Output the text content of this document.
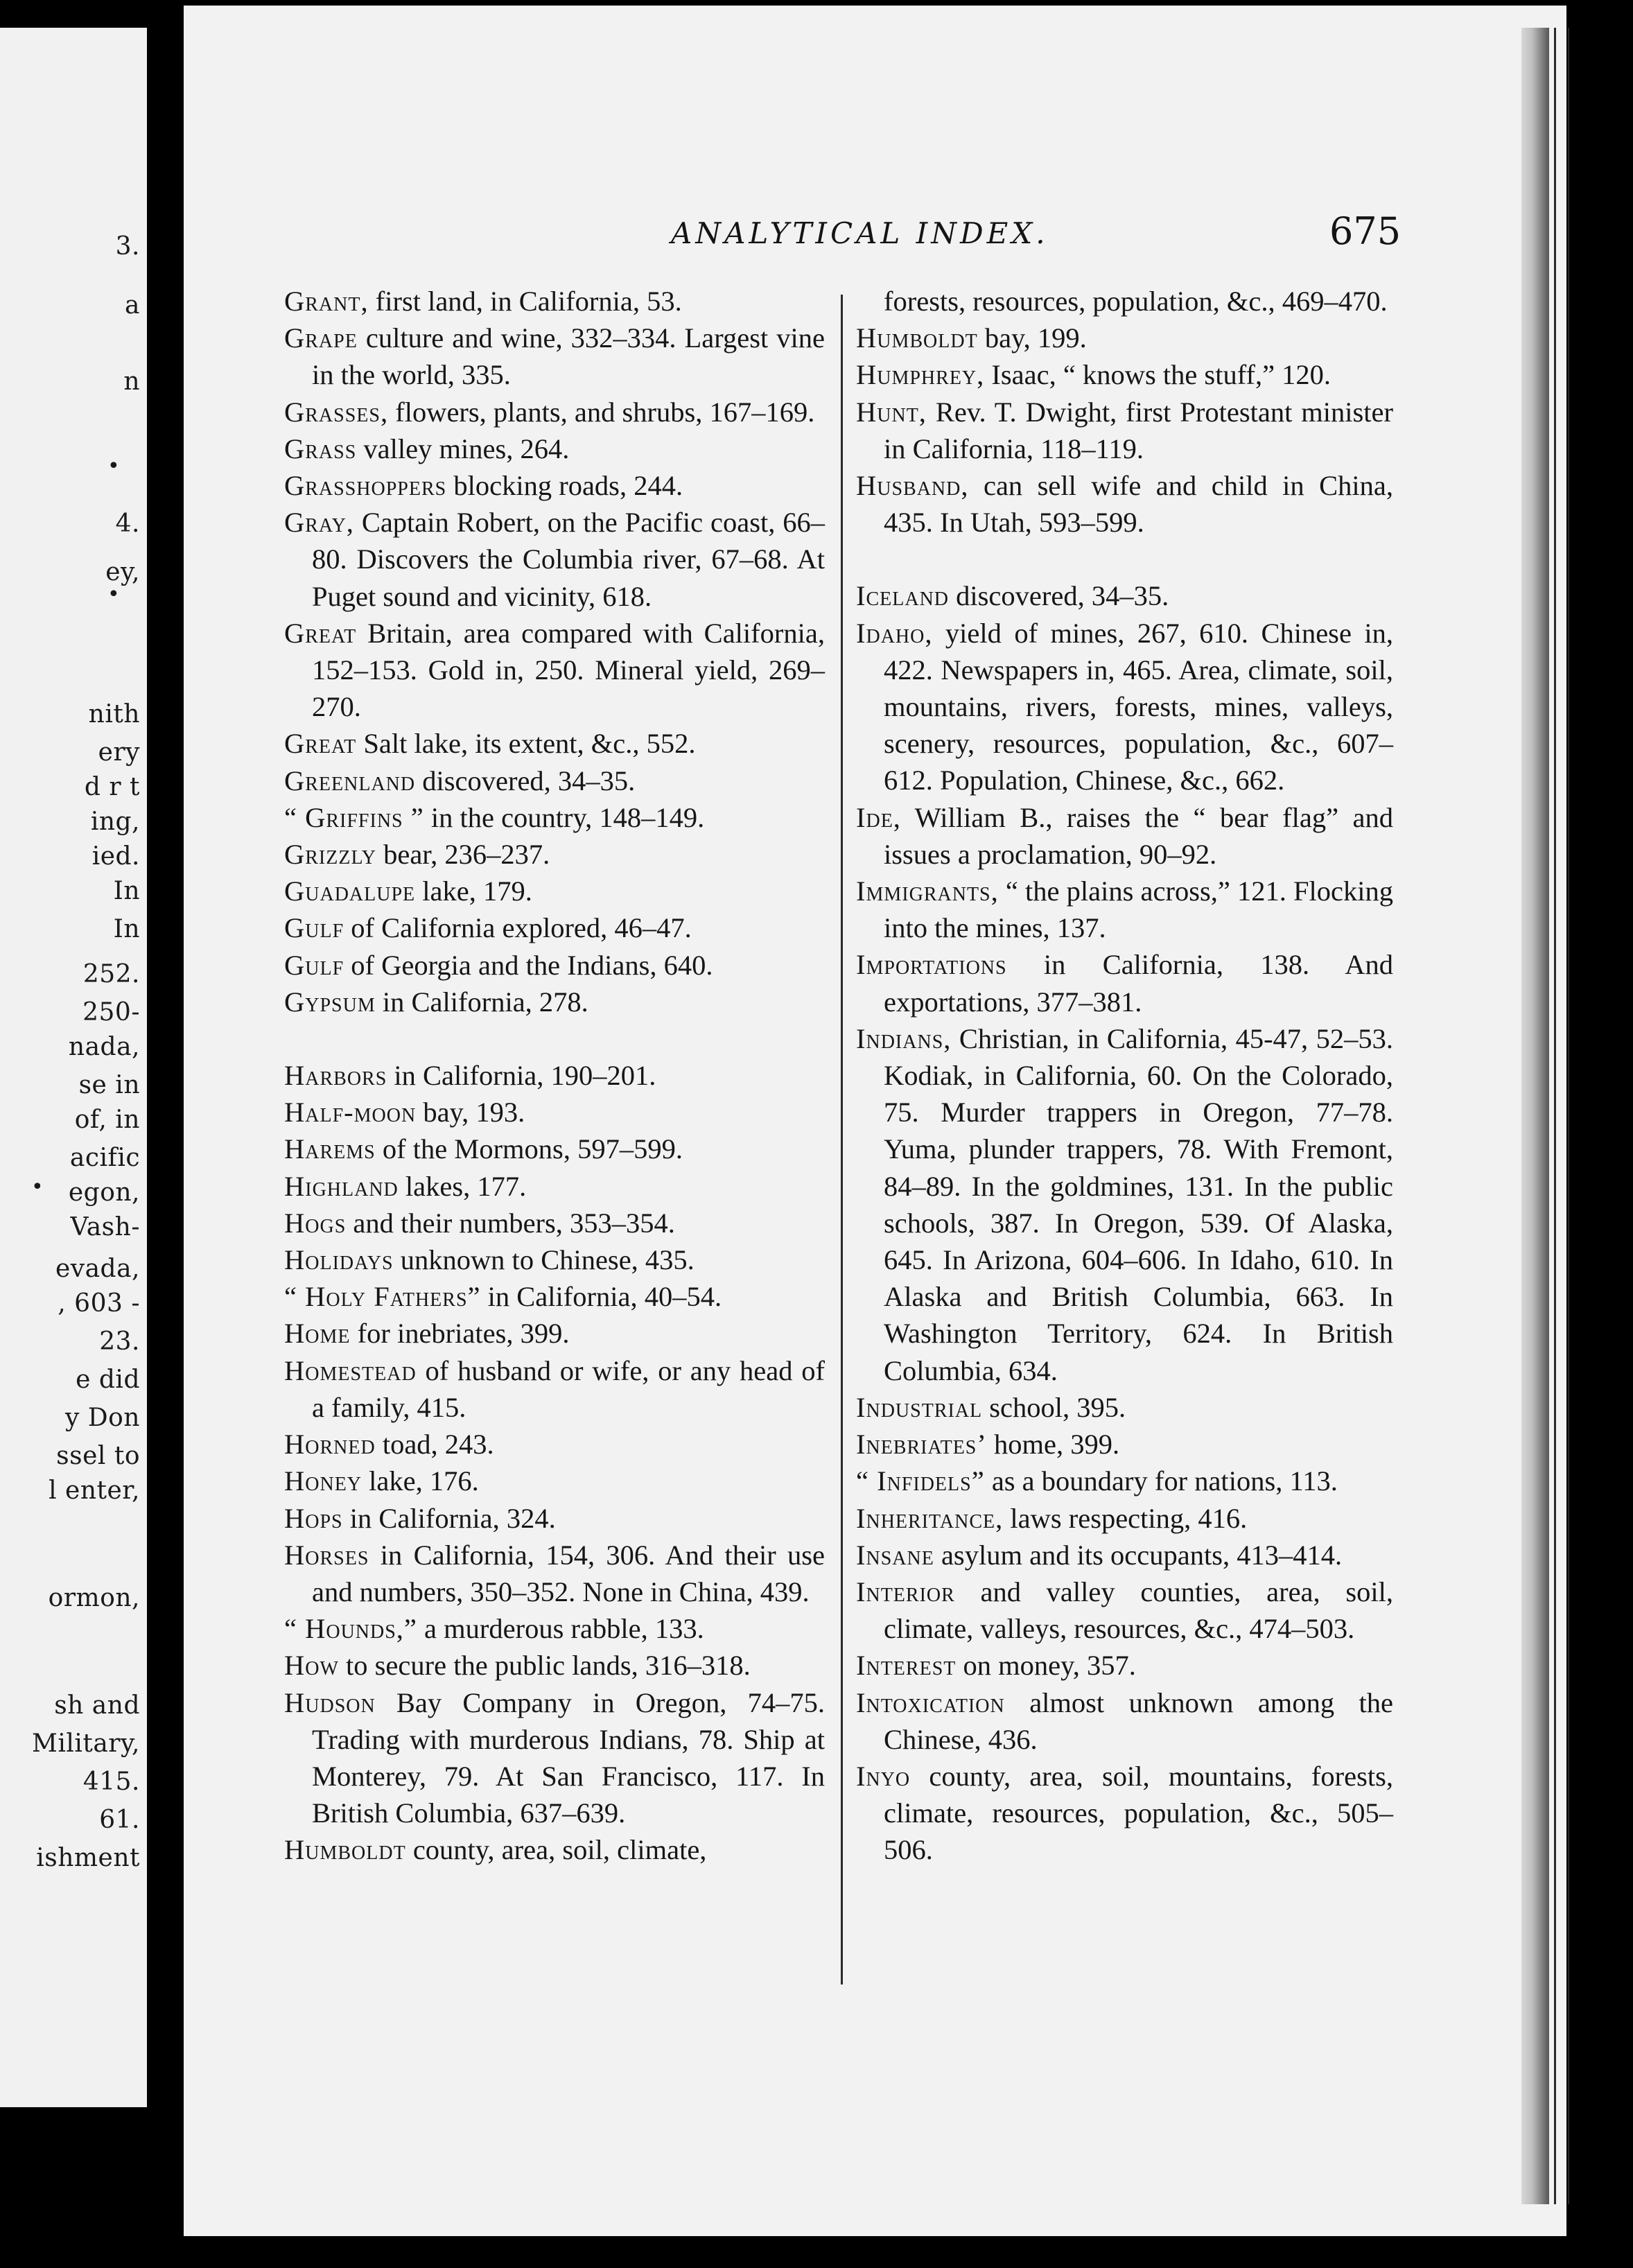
3.
a
n
4.
ey,
nith
ery
d r t
ing,
ied.
In
In
252.
250-
nada,
se in
of, in
acific
egon,
Vash-
evada,
, 603 -
23.
e did
y Don
ssel to
l enter,
ormon,
sh and
Military,
415.
61.
ishment
•
•
•
ANALYTICAL INDEX.	675

Grant, first land, in California, 53.

Grape culture and wine, 332–334. Largest vine in the world, 335.

Grasses, flowers, plants, and shrubs, 167–169.

Grass valley mines, 264.

Grasshoppers blocking roads, 244.

Gray, Captain Robert, on the Pacific coast, 66–80. Discovers the Columbia river, 67–68. At Puget sound and vicinity, 618.

Great Britain, area compared with California, 152–153. Gold in, 250. Mineral yield, 269–270.

Great Salt lake, its extent, &c., 552.

Greenland discovered, 34–35.

“ Griffins ” in the country, 148–149.

Grizzly bear, 236–237.

Guadalupe lake, 179.

Gulf of California explored, 46–47.

Gulf of Georgia and the Indians, 640.

Gypsum in California, 278.

Harbors in California, 190–201.

Half-moon bay, 193.

Harems of the Mormons, 597–599.

Highland lakes, 177.

Hogs and their numbers, 353–354.

Holidays unknown to Chinese, 435.

“ Holy Fathers” in California, 40–54.

Home for inebriates, 399.

Homestead of husband or wife, or any head of a family, 415.

Horned toad, 243.

Honey lake, 176.

Hops in California, 324.

Horses in California, 154, 306. And their use and numbers, 350–352. None in China, 439.

“ Hounds,” a murderous rabble, 133.

How to secure the public lands, 316–318.

Hudson Bay Company in Oregon, 74–75. Trading with murderous Indians, 78. Ship at Monterey, 79. At San Francisco, 117. In British Columbia, 637–639.

Humboldt county, area, soil, climate,

forests, resources, population, &c., 469–470.

Humboldt bay, 199.

Humphrey, Isaac, “ knows the stuff,” 120.

Hunt, Rev. T. Dwight, first Protestant minister in California, 118–119.

Husband, can sell wife and child in China, 435. In Utah, 593–599.

Iceland discovered, 34–35.

Idaho, yield of mines, 267, 610. Chinese in, 422. Newspapers in, 465. Area, climate, soil, mountains, rivers, forests, mines, valleys, scenery, resources, population, &c., 607–612. Population, Chinese, &c., 662.

Ide, William B., raises the “ bear flag” and issues a proclamation, 90–92.

Immigrants, “ the plains across,” 121. Flocking into the mines, 137.

Importations in California, 138. And exportations, 377–381.

Indians, Christian, in California, 45-47, 52–53. Kodiak, in California, 60. On the Colorado, 75. Murder trappers in Oregon, 77–78. Yuma, plunder trappers, 78. With Fremont, 84–89. In the goldmines, 131. In the public schools, 387. In Oregon, 539. Of Alaska, 645. In Arizona, 604–606. In Idaho, 610. In Alaska and British Columbia, 663. In Washington Territory, 624. In British Columbia, 634.

Industrial school, 395.

Inebriates’ home, 399.

“ Infidels” as a boundary for nations, 113.

Inheritance, laws respecting, 416.

Insane asylum and its occupants, 413–414.

Interior and valley counties, area, soil, climate, valleys, resources, &c., 474–503.

Interest on money, 357.

Intoxication almost unknown among the Chinese, 436.

Inyo county, area, soil, mountains, forests, climate, resources, population, &c., 505–506.
